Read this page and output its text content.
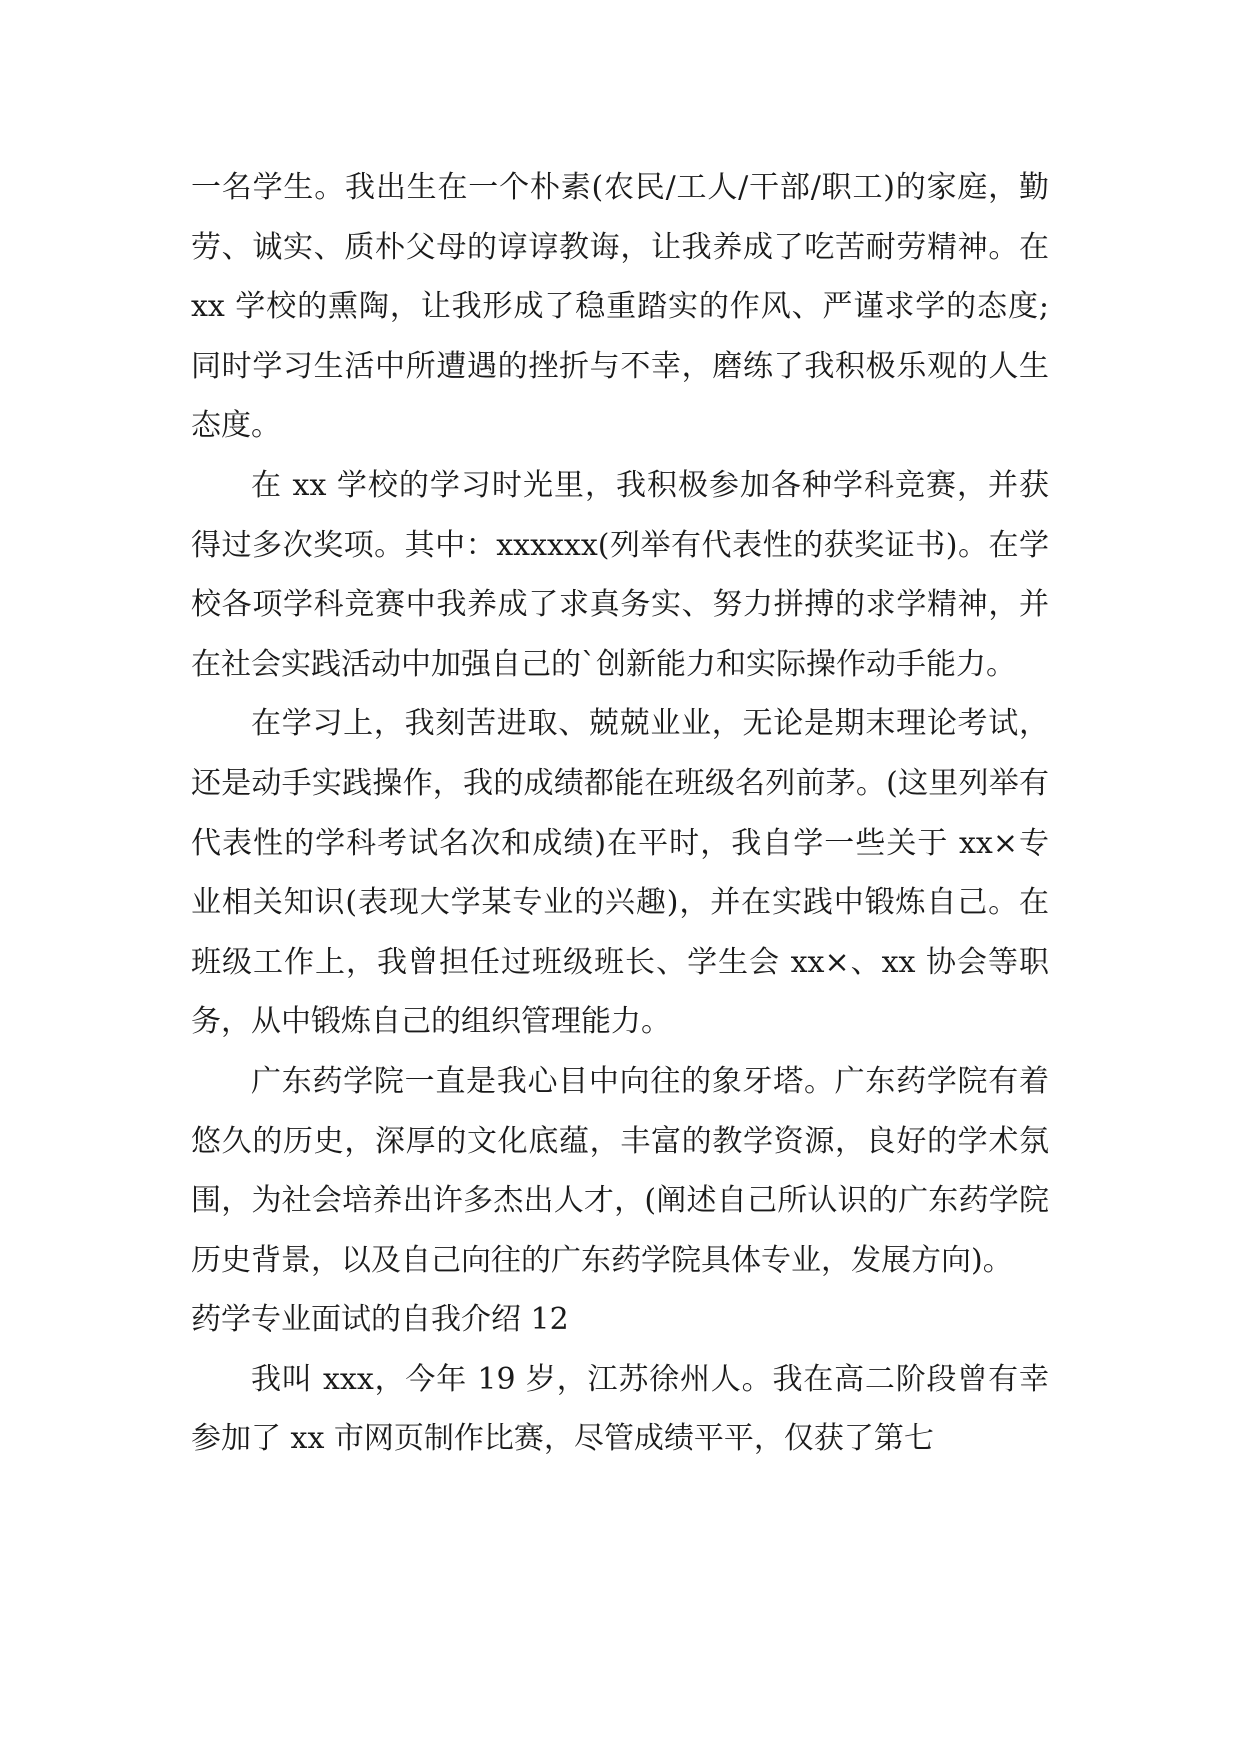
一名学生。我出生在一个朴素(农民/工人/干部/职工)的家庭，勤劳、诚实、质朴父母的谆谆教诲，让我养成了吃苦耐劳精神。在 xx 学校的熏陶，让我形成了稳重踏实的作风、严谨求学的态度;同时学习生活中所遭遇的挫折与不幸，磨练了我积极乐观的人生态度。

在 xx 学校的学习时光里，我积极参加各种学科竞赛，并获得过多次奖项。其中：xxxxxx(列举有代表性的获奖证书)。在学校各项学科竞赛中我养成了求真务实、努力拼搏的求学精神，并在社会实践活动中加强自己的`创新能力和实际操作动手能力。

在学习上，我刻苦进取、兢兢业业，无论是期末理论考试，还是动手实践操作，我的成绩都能在班级名列前茅。(这里列举有代表性的学科考试名次和成绩)在平时，我自学一些关于 xx×专业相关知识(表现大学某专业的兴趣)，并在实践中锻炼自己。在班级工作上，我曾担任过班级班长、学生会 xx×、xx 协会等职务，从中锻炼自己的组织管理能力。

广东药学院一直是我心目中向往的象牙塔。广东药学院有着悠久的历史，深厚的文化底蕴，丰富的教学资源，良好的学术氛围，为社会培养出许多杰出人才，(阐述自己所认识的广东药学院历史背景，以及自己向往的广东药学院具体专业，发展方向)。

药学专业面试的自我介绍 12

我叫 xxx，今年 19 岁，江苏徐州人。我在高二阶段曾有幸参加了 xx 市网页制作比赛，尽管成绩平平，仅获了第七
